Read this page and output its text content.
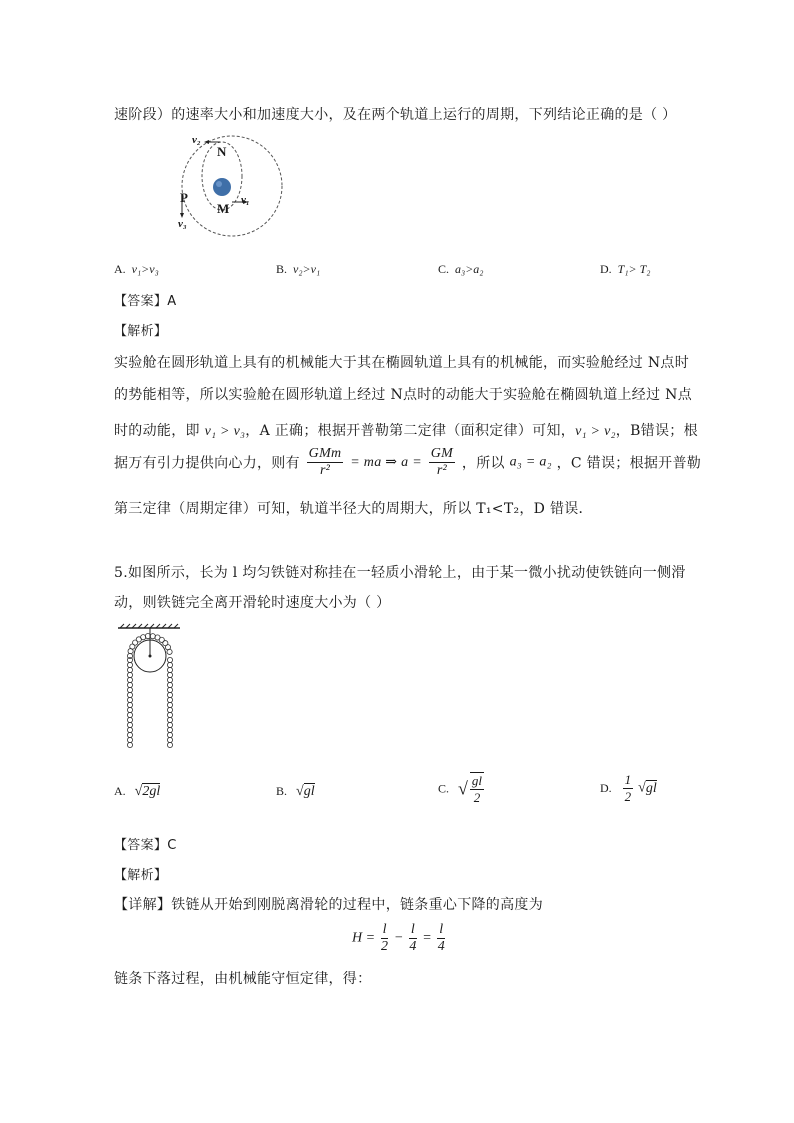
速阶段）的速率大小和加速度大小，及在两个轨道上运行的周期，下列结论正确的是（ ）
v₂
N
P
M
v₁
v₃
A. v₁>v₃	B. v₂>v₁	C. a₃>a₂	D. T₁> T₂
【答案】A
【解析】
实验舱在圆形轨道上具有的机械能大于其在椭圆轨道上具有的机械能，而实验舱经过 N点时
的势能相等，所以实验舱在圆形轨道上经过 N点时的动能大于实验舱在椭圆轨道上经过 N点
时的动能，即 v₁ > v₃，A 正确；根据开普勒第二定律（面积定律）可知，v₁ > v₂，B错误；根
据万有引力提供向心力，则有 $\frac{\text{GMm}}{\text{r²}}$ = ma ⇒ $a = \frac{GM}{\text{r²}}$ ，所以 a₃ = a₂ ，C 错误；根据开普勒
第三定律（周期定律）可知，轨道半径大的周期大，所以 T₁<T₂，D 错误．
5.如图所示，长为 l 均匀铁链对称挂在一轻质小滑轮上，由于某一微小扰动使铁链向一侧滑
动，则铁链完全离开滑轮时速度大小为（ ）
A. √2gl	B. √gl	C. √ $\frac{gl}{2}$	D. $\frac{1}{2} √gl$
【答案】C
【解析】
【详解】铁链从开始到刚脱离滑轮的过程中，链条重心下降的高度为
$H = \frac{l}{2} - \frac{l}{4} = \frac{l}{4}$
链条下落过程，由机械能守恒定律，得：
